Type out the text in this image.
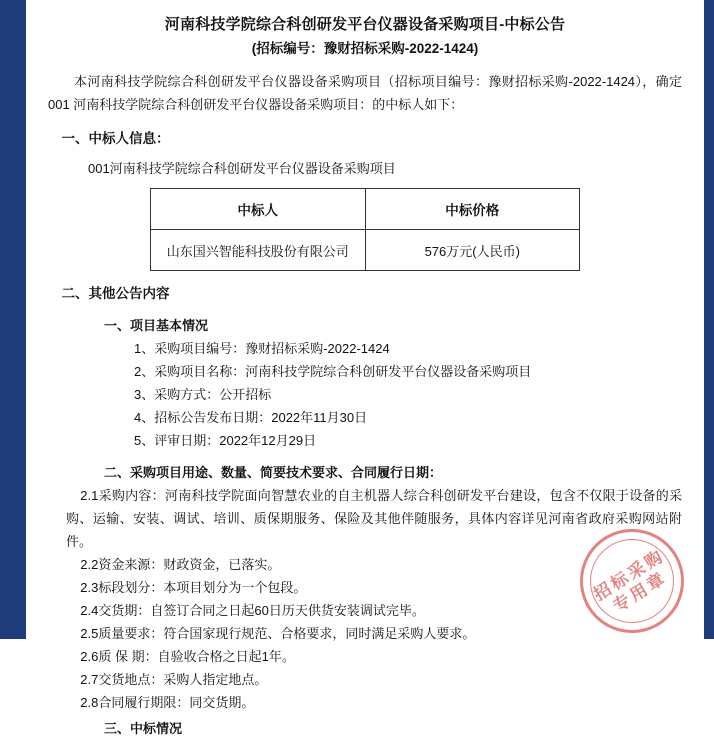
河南科技学院综合科创研发平台仪器设备采购项目-中标公告
(招标编号：豫财招标采购-2022-1424)
本河南科技学院综合科创研发平台仪器设备采购项目（招标项目编号：豫财招标采购-2022-1424），确定001 河南科技学院综合科创研发平台仪器设备采购项目：的中标人如下：
一、中标人信息：
001河南科技学院综合科创研发平台仪器设备采购项目
中标人	中标价格
山东国兴智能科技股份有限公司	576万元(人民币)
二、其他公告内容
一、项目基本情况
1、采购项目编号：豫财招标采购-2022-1424
2、采购项目名称：河南科技学院综合科创研发平台仪器设备采购项目
3、采购方式：公开招标
4、招标公告发布日期：2022年11月30日
5、评审日期：2022年12月29日
二、采购项目用途、数量、简要技术要求、合同履行日期：
2.1采购内容：河南科技学院面向智慧农业的自主机器人综合科创研发平台建设，包含不仅限于设备的采购、运输、安装、调试、培训、质保期服务、保险及其他伴随服务，具体内容详见河南省政府采购网站附件。
2.2资金来源：财政资金，已落实。
2.3标段划分：本项目划分为一个包段。
2.4交货期：自签订合同之日起60日历天供货安装调试完毕。
2.5质量要求：符合国家现行规范、合格要求，同时满足采购人要求。
2.6质 保 期：自验收合格之日起1年。
2.7交货地点：采购人指定地点。
2.8合同履行期限：同交货期。
三、中标情况
招标采购
专用章
